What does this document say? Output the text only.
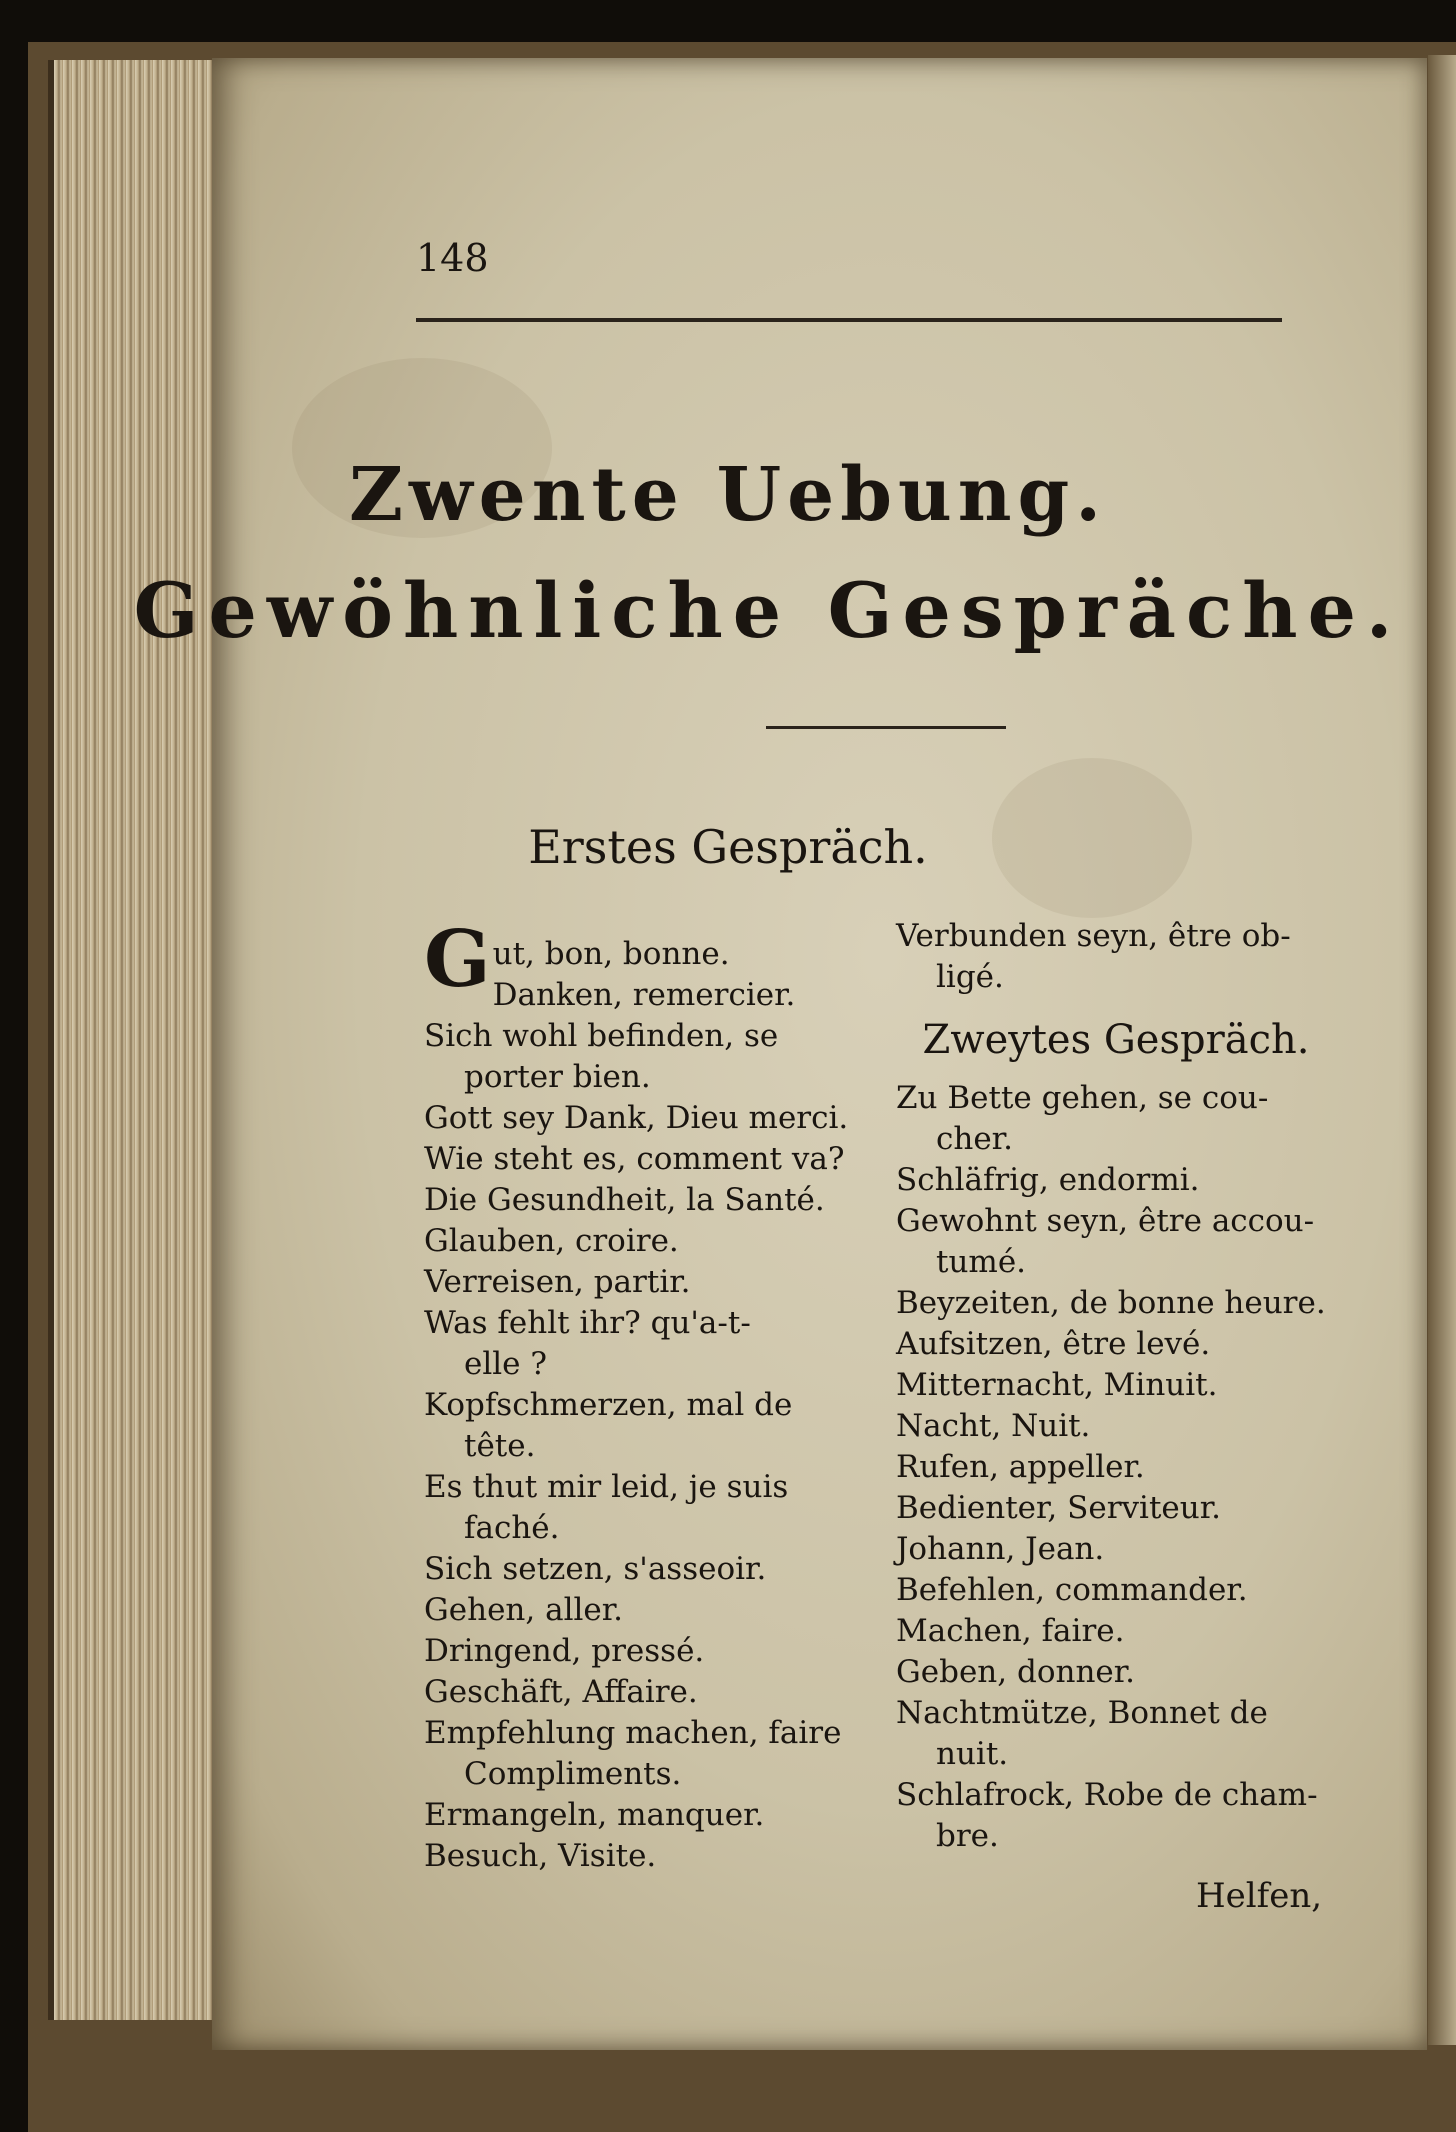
148
Zwente Uebung.
Gewöhnliche Gespräche.
Erstes Gespräch.
Gut, bon, bonne.
Danken, remercier.
Sich wohl befinden, se
porter bien.
Gott sey Dank, Dieu merci.
Wie steht es, comment va?
Die Gesundheit, la Santé.
Glauben, croire.
Verreisen, partir.
Was fehlt ihr? qu'a-t-
elle ?
Kopfschmerzen, mal de
tête.
Es thut mir leid, je suis
faché.
Sich setzen, s'asseoir.
Gehen, aller.
Dringend, pressé.
Geschäft, Affaire.
Empfehlung machen, faire
Compliments.
Ermangeln, manquer.
Besuch, Visite.
Verbunden seyn, être ob-
ligé.
Zweytes Gespräch.
Zu Bette gehen, se cou-
cher.
Schläfrig, endormi.
Gewohnt seyn, être accou-
tumé.
Beyzeiten, de bonne heure.
Aufsitzen, être levé.
Mitternacht, Minuit.
Nacht, Nuit.
Rufen, appeller.
Bedienter, Serviteur.
Johann, Jean.
Befehlen, commander.
Machen, faire.
Geben, donner.
Nachtmütze, Bonnet de
nuit.
Schlafrock, Robe de cham-
bre.
Helfen,
